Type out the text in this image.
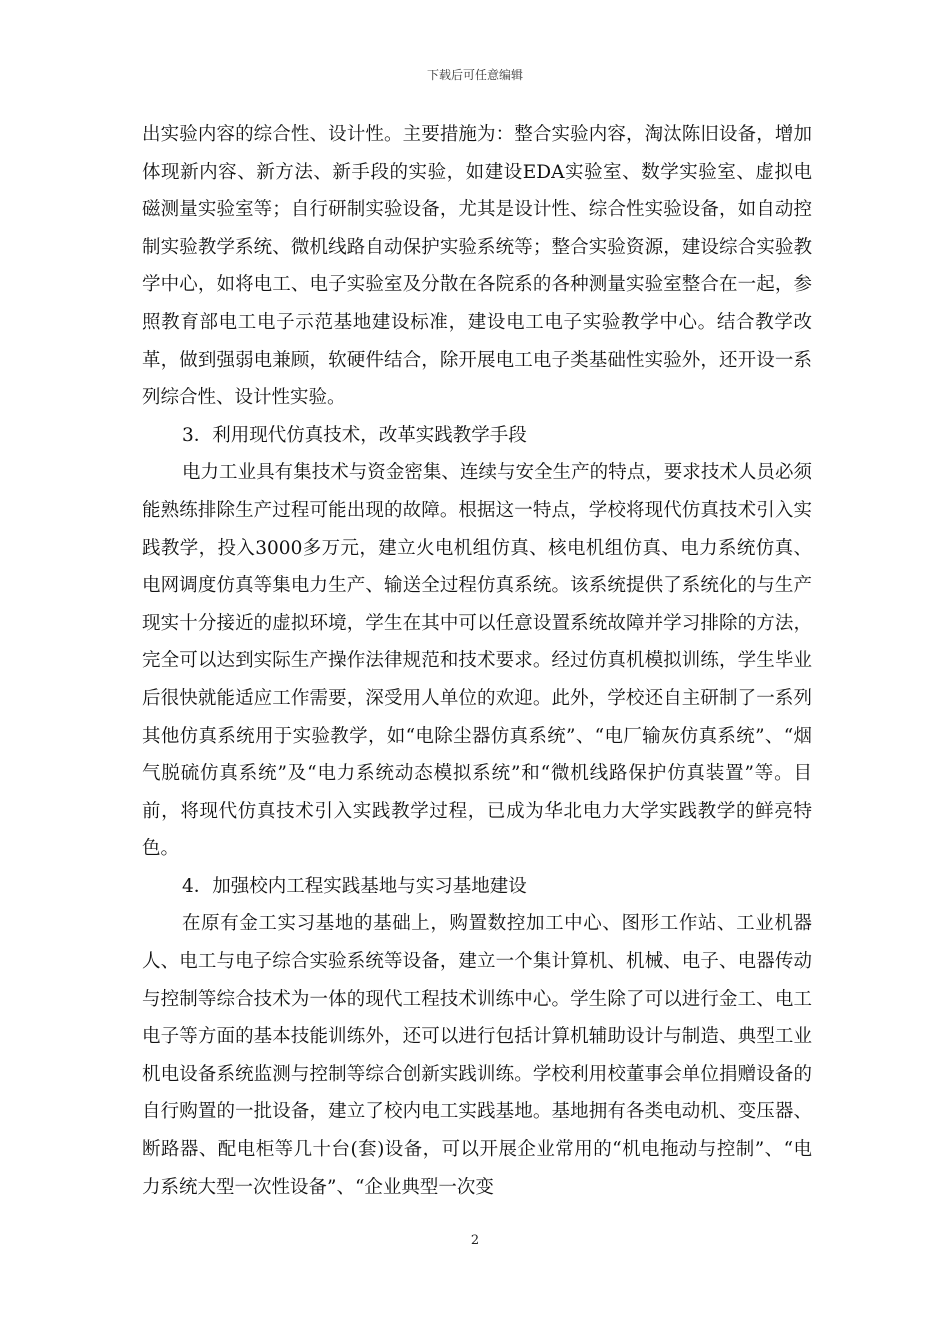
下载后可任意编辑

出实验内容的综合性、设计性。主要措施为：整合实验内容，淘汰陈旧设备，增加体现新内容、新方法、新手段的实验，如建设EDA实验室、数学实验室、虚拟电磁测量实验室等；自行研制实验设备，尤其是设计性、综合性实验设备，如自动控制实验教学系统、微机线路自动保护实验系统等；整合实验资源，建设综合实验教学中心，如将电工、电子实验室及分散在各院系的各种测量实验室整合在一起，参照教育部电工电子示范基地建设标准，建设电工电子实验教学中心。结合教学改革，做到强弱电兼顾，软硬件结合，除开展电工电子类基础性实验外，还开设一系列综合性、设计性实验。

3．利用现代仿真技术，改革实践教学手段

电力工业具有集技术与资金密集、连续与安全生产的特点，要求技术人员必须能熟练排除生产过程可能出现的故障。根据这一特点，学校将现代仿真技术引入实践教学，投入3000多万元，建立火电机组仿真、核电机组仿真、电力系统仿真、电网调度仿真等集电力生产、输送全过程仿真系统。该系统提供了系统化的与生产现实十分接近的虚拟环境，学生在其中可以任意设置系统故障并学习排除的方法，完全可以达到实际生产操作法律规范和技术要求。经过仿真机模拟训练，学生毕业后很快就能适应工作需要，深受用人单位的欢迎。此外，学校还自主研制了一系列其他仿真系统用于实验教学，如“电除尘器仿真系统”、“电厂输灰仿真系统”、“烟气脱硫仿真系统”及“电力系统动态模拟系统”和“微机线路保护仿真装置”等。目前，将现代仿真技术引入实践教学过程，已成为华北电力大学实践教学的鲜亮特色。

4．加强校内工程实践基地与实习基地建设

在原有金工实习基地的基础上，购置数控加工中心、图形工作站、工业机器人、电工与电子综合实验系统等设备，建立一个集计算机、机械、电子、电器传动与控制等综合技术为一体的现代工程技术训练中心。学生除了可以进行金工、电工电子等方面的基本技能训练外，还可以进行包括计算机辅助设计与制造、典型工业机电设备系统监测与控制等综合创新实践训练。学校利用校董事会单位捐赠设备的自行购置的一批设备，建立了校内电工实践基地。基地拥有各类电动机、变压器、断路器、配电柜等几十台(套)设备，可以开展企业常用的“机电拖动与控制”、“电力系统大型一次性设备”、“企业典型一次变

2
